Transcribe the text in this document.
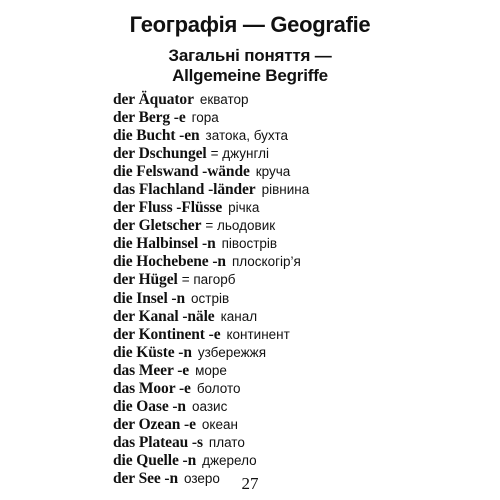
Географія — Geografie
Загальні поняття —
Allgemeine Begriffe
der Äquator екватор
der Berg -e гора
die Bucht -en затока, бухта
der Dschungel = джунглі
die Felswand -wände круча
das Flachland -länder рівнина
der Fluss -Flüsse річка
der Gletscher = льодовик
die Halbinsel -n півострів
die Hochebene -n плоскогір’я
der Hügel = пагорб
die Insel -n острів
der Kanal -näle канал
der Kontinent -e континент
die Küste -n узбережжя
das Meer -e море
das Moor -e болото
die Oase -n оазис
der Ozean -e океан
das Plateau -s плато
die Quelle -n джерело
der See -n озеро	27
